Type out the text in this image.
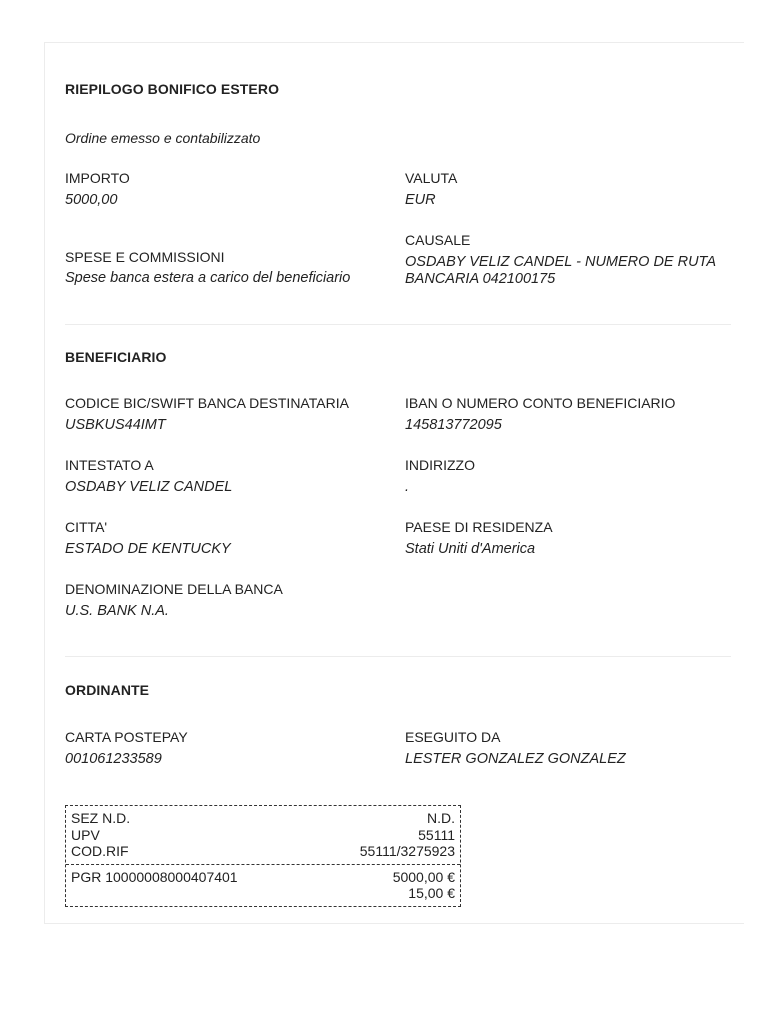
RIEPILOGO BONIFICO ESTERO
Ordine emesso e contabilizzato
IMPORTO
5000,00
VALUTA
EUR
CAUSALE
OSDABY VELIZ CANDEL - NUMERO DE RUTA
BANCARIA 042100175
SPESE E COMMISSIONI
Spese banca estera a carico del beneficiario
BENEFICIARIO
CODICE BIC/SWIFT BANCA DESTINATARIA
USBKUS44IMT
IBAN O NUMERO CONTO BENEFICIARIO
145813772095
INTESTATO A
OSDABY VELIZ CANDEL
INDIRIZZO
.
CITTA'
ESTADO DE KENTUCKY
PAESE DI RESIDENZA
Stati Uniti d'America
DENOMINAZIONE DELLA BANCA
U.S. BANK N.A.
ORDINANTE
CARTA POSTEPAY
001061233589
ESEGUITO DA
LESTER GONZALEZ GONZALEZ
SEZ N.D.	N.D.
UPV	55111
COD.RIF	55111/3275923
PGR 10000008000407401	5000,00 €
15,00 €
